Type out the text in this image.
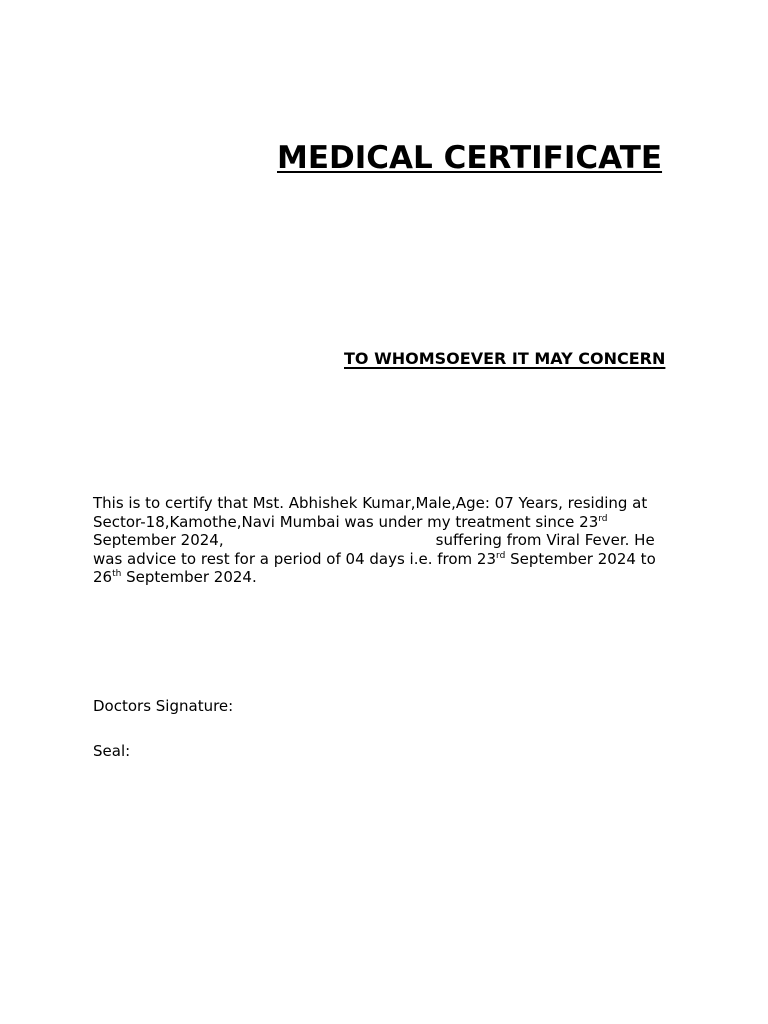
MEDICAL CERTIFICATE
TO WHOMSOEVER IT MAY CONCERN

This is to certify that Mst. Abhishek Kumar,Male,Age: 07 Years, residing at Sector-18,Kamothe,Navi Mumbai was under my treatment since 23rd September 2024,	suffering from Viral Fever. He was advice to rest for a period of 04 days i.e. from 23rd September 2024 to 26th September 2024.

Doctors Signature:

Seal:
